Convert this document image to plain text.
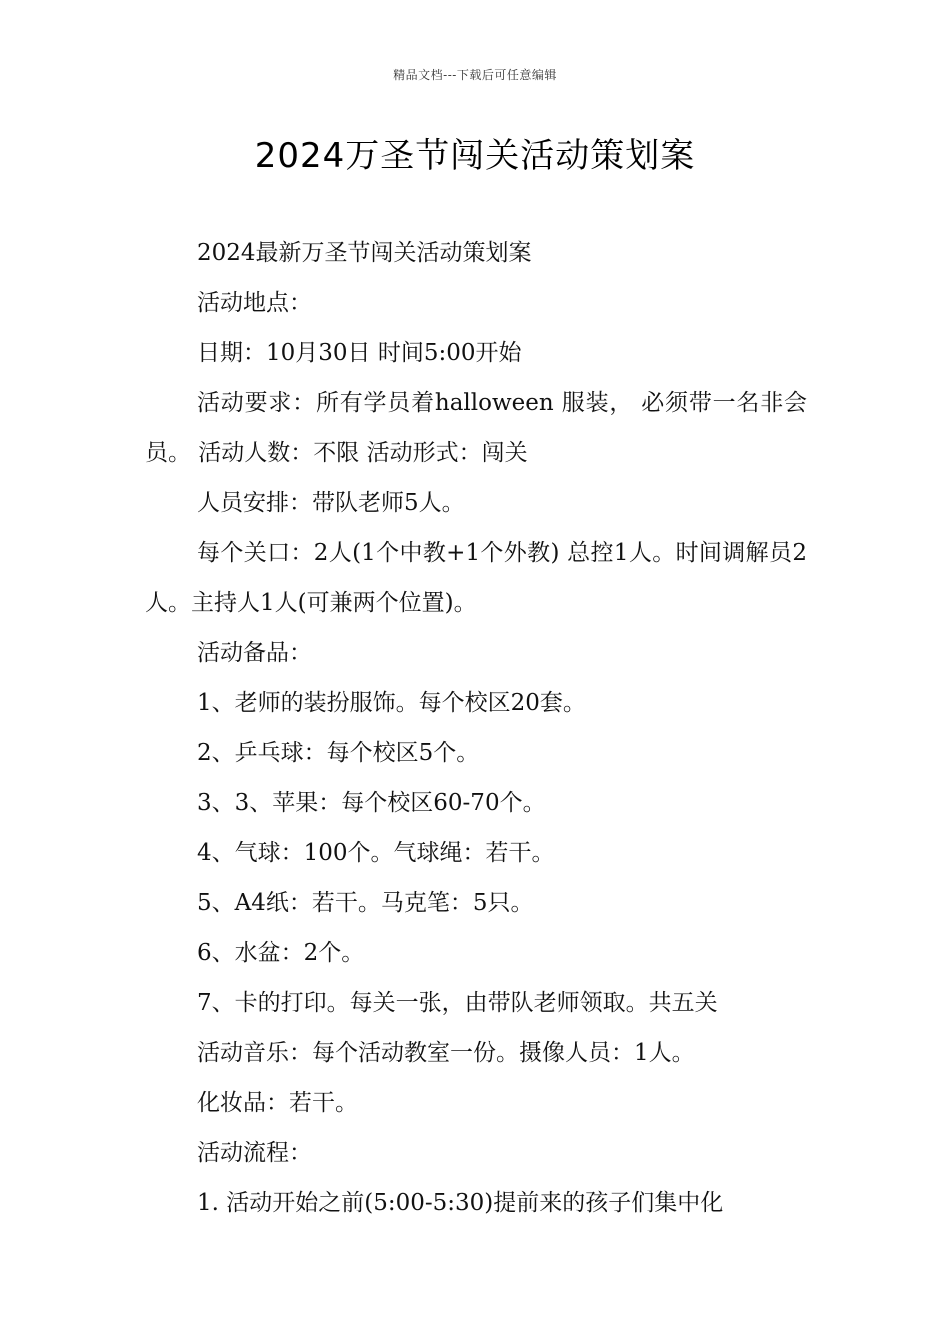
精品文档---下载后可任意编辑
2024万圣节闯关活动策划案

2024最新万圣节闯关活动策划案

活动地点：

日期：10月30日 时间5:00开始

活动要求：所有学员着halloween 服装， 必须带一名非会员。 活动人数：不限 活动形式：闯关

人员安排：带队老师5人。

每个关口：2人(1个中教+1个外教) 总控1人。时间调解员2人。主持人1人(可兼两个位置)。

活动备品：

1、老师的装扮服饰。每个校区20套。

2、乒乓球：每个校区5个。

3、3、苹果：每个校区60-70个。

4、气球：100个。气球绳：若干。

5、A4纸：若干。马克笔：5只。

6、水盆：2个。

7、卡的打印。每关一张，由带队老师领取。共五关

活动音乐：每个活动教室一份。摄像人员：1人。

化妆品：若干。

活动流程：

1. 活动开始之前(5:00-5:30)提前来的孩子们集中化
